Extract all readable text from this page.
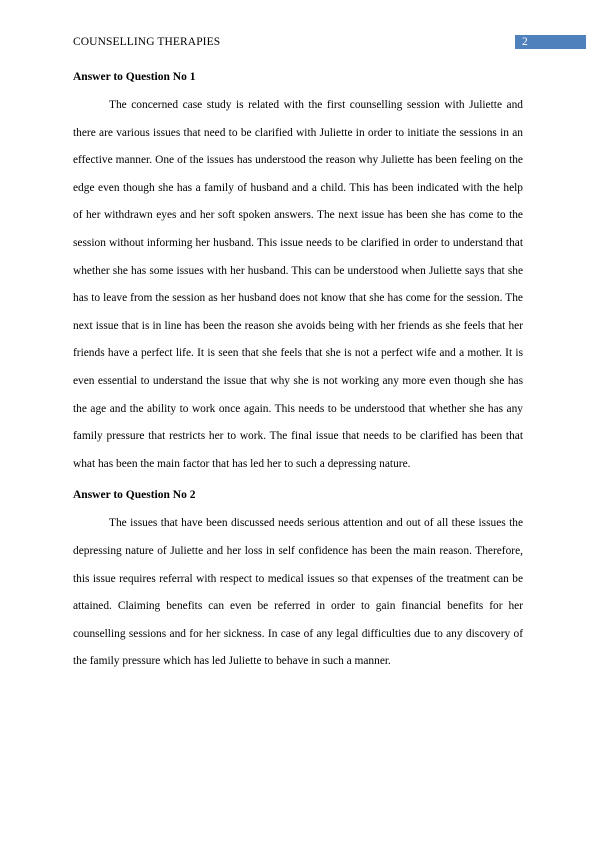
COUNSELLING THERAPIES	2

Answer to Question No 1

The concerned case study is related with the first counselling session with Juliette and there are various issues that need to be clarified with Juliette in order to initiate the sessions in an effective manner. One of the issues has understood the reason why Juliette has been feeling on the edge even though she has a family of husband and a child. This has been indicated with the help of her withdrawn eyes and her soft spoken answers. The next issue has been she has come to the session without informing her husband. This issue needs to be clarified in order to understand that whether she has some issues with her husband. This can be understood when Juliette says that she has to leave from the session as her husband does not know that she has come for the session. The next issue that is in line has been the reason she avoids being with her friends as she feels that her friends have a perfect life. It is seen that she feels that she is not a perfect wife and a mother. It is even essential to understand the issue that why she is not working any more even though she has the age and the ability to work once again. This needs to be understood that whether she has any family pressure that restricts her to work. The final issue that needs to be clarified has been that what has been the main factor that has led her to such a depressing nature.

Answer to Question No 2

The issues that have been discussed needs serious attention and out of all these issues the depressing nature of Juliette and her loss in self confidence has been the main reason. Therefore, this issue requires referral with respect to medical issues so that expenses of the treatment can be attained. Claiming benefits can even be referred in order to gain financial benefits for her counselling sessions and for her sickness. In case of any legal difficulties due to any discovery of the family pressure which has led Juliette to behave in such a manner.
